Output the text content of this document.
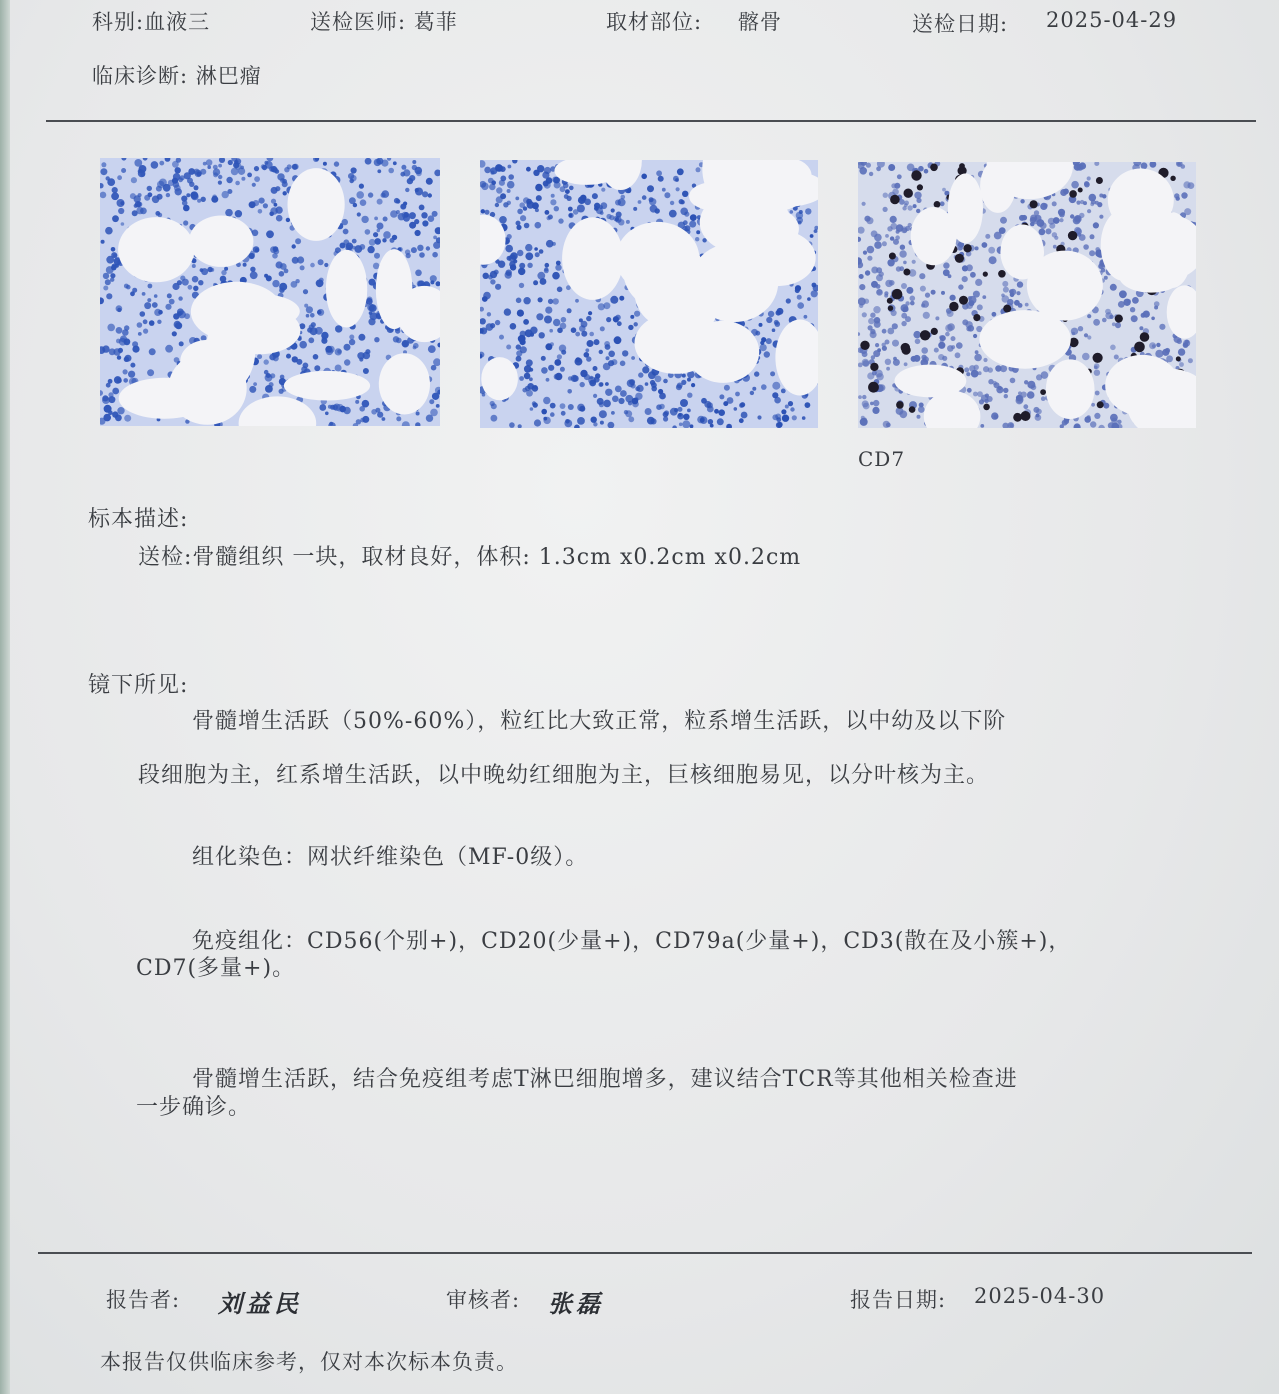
科别:血液三	送检医师: 葛菲	取材部位: 髂骨	送检日期: 2025-04-29
临床诊断: 淋巴瘤
CD7
标本描述:
送检:骨髓组织 一块，取材良好，体积: 1.3cm x0.2cm x0.2cm
镜下所见:
骨髓增生活跃（50%-60%），粒红比大致正常，粒系增生活跃，以中幼及以下阶
段细胞为主，红系增生活跃，以中晚幼红细胞为主，巨核细胞易见，以分叶核为主。
组化染色：网状纤维染色（MF-0级）。
免疫组化：CD56(个别+)，CD20(少量+)，CD79a(少量+)，CD3(散在及小簇+)，
CD7(多量+)。
骨髓增生活跃，结合免疫组考虑T淋巴细胞增多，建议结合TCR等其他相关检查进
一步确诊。
报告者: 刘益民	审核者: 张磊	报告日期: 2025-04-30
本报告仅供临床参考，仅对本次标本负责。
